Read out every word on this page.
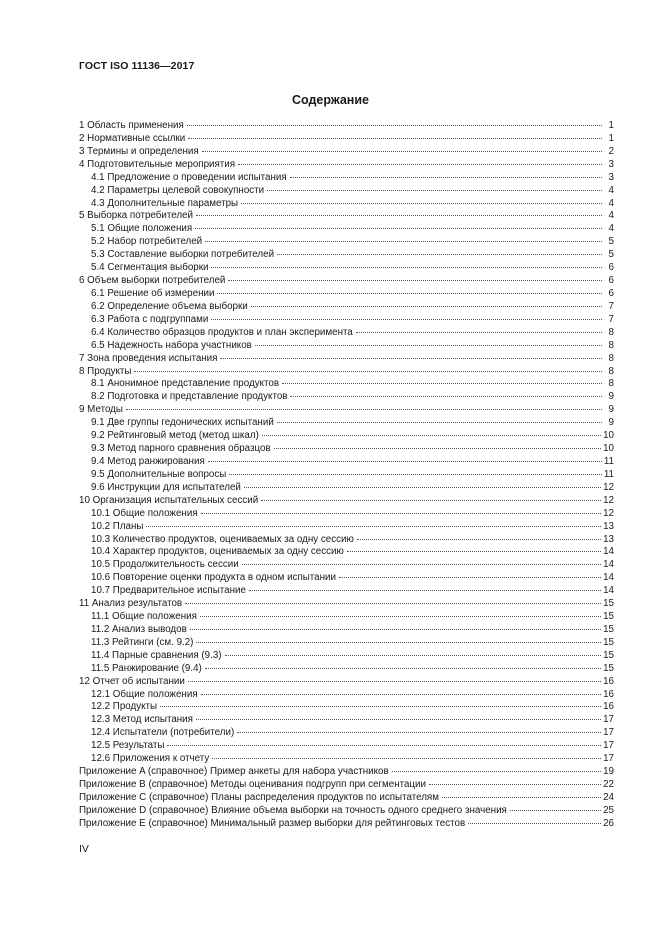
ГОСТ ISO 11136—2017
Содержание
1 Область применения	1
2 Нормативные ссылки	1
3 Термины и определения	2
4 Подготовительные мероприятия	3
4.1 Предложение о проведении испытания	3
4.2 Параметры целевой совокупности	4
4.3 Дополнительные параметры	4
5 Выборка потребителей	4
5.1 Общие положения	4
5.2 Набор потребителей	5
5.3 Составление выборки потребителей	5
5.4 Сегментация выборки	6
6 Объем выборки потребителей	6
6.1 Решение об измерении	6
6.2 Определение объема выборки	7
6.3 Работа с подгруппами	7
6.4 Количество образцов продуктов и план эксперимента	8
6.5 Надежность набора участников	8
7 Зона проведения испытания	8
8 Продукты	8
8.1 Анонимное представление продуктов	8
8.2 Подготовка и представление продуктов	9
9 Методы	9
9.1 Две группы гедонических испытаний	9
9.2 Рейтинговый метод (метод шкал)	10
9.3 Метод парного сравнения образцов	10
9.4 Метод ранжирования	11
9.5 Дополнительные вопросы	11
9.6 Инструкции для испытателей	12
10 Организация испытательных сессий	12
10.1 Общие положения	12
10.2 Планы	13
10.3 Количество продуктов, оцениваемых за одну сессию	13
10.4 Характер продуктов, оцениваемых за одну сессию	14
10.5 Продолжительность сессии	14
10.6 Повторение оценки продукта в одном испытании	14
10.7 Предварительное испытание	14
11 Анализ результатов	15
11.1 Общие положения	15
11.2 Анализ выводов	15
11.3 Рейтинги (см. 9.2)	15
11.4 Парные сравнения (9.3)	15
11.5 Ранжирование (9.4)	15
12 Отчет об испытании	16
12.1 Общие положения	16
12.2 Продукты	16
12.3 Метод испытания	17
12.4 Испытатели (потребители)	17
12.5 Результаты	17
12.6 Приложения к отчету	17
Приложение A (справочное) Пример анкеты для набора участников	19
Приложение B (справочное) Методы оценивания подгрупп при сегментации	22
Приложение C (справочное) Планы распределения продуктов по испытателям	24
Приложение D (справочное) Влияние объема выборки на точность одного среднего значения	25
Приложение E (справочное) Минимальный размер выборки для рейтинговых тестов	26
IV
